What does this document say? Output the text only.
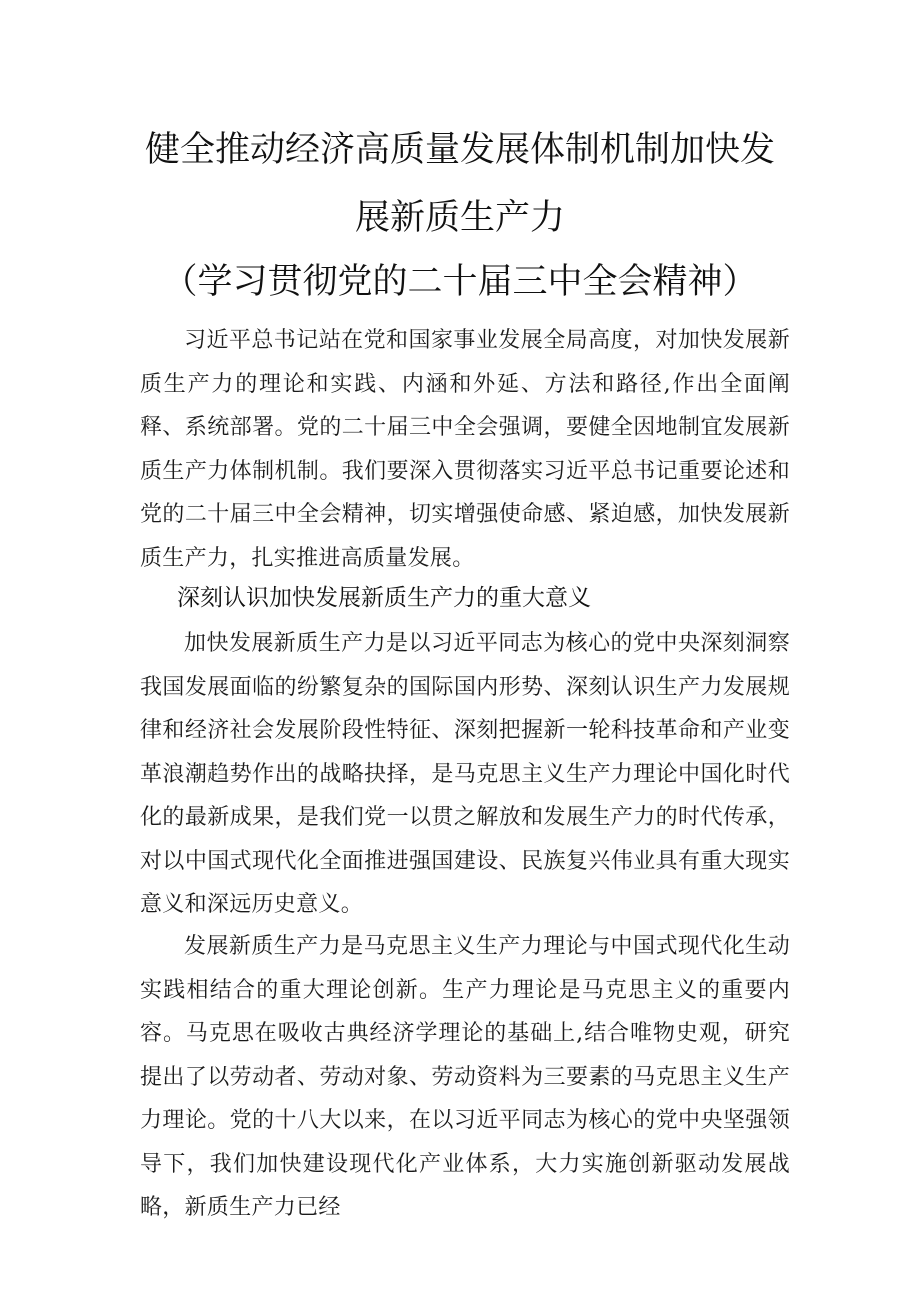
健全推动经济高质量发展体制机制加快发
展新质生产力
（学习贯彻党的二十届三中全会精神）

习近平总书记站在党和国家事业发展全局高度，对加快发展新质生产力的理论和实践、内涵和外延、方法和路径,作出全面阐释、系统部署。党的二十届三中全会强调，要健全因地制宜发展新质生产力体制机制。我们要深入贯彻落实习近平总书记重要论述和党的二十届三中全会精神，切实增强使命感、紧迫感，加快发展新质生产力，扎实推进高质量发展。

深刻认识加快发展新质生产力的重大意义

加快发展新质生产力是以习近平同志为核心的党中央深刻洞察我国发展面临的纷繁复杂的国际国内形势、深刻认识生产力发展规律和经济社会发展阶段性特征、深刻把握新一轮科技革命和产业变革浪潮趋势作出的战略抉择，是马克思主义生产力理论中国化时代化的最新成果，是我们党一以贯之解放和发展生产力的时代传承，对以中国式现代化全面推进强国建设、民族复兴伟业具有重大现实意义和深远历史意义。

发展新质生产力是马克思主义生产力理论与中国式现代化生动实践相结合的重大理论创新。生产力理论是马克思主义的重要内容。马克思在吸收古典经济学理论的基础上,结合唯物史观，研究提出了以劳动者、劳动对象、劳动资料为三要素的马克思主义生产力理论。党的十八大以来，在以习近平同志为核心的党中央坚强领导下，我们加快建设现代化产业体系，大力实施创新驱动发展战略，新质生产力已经
